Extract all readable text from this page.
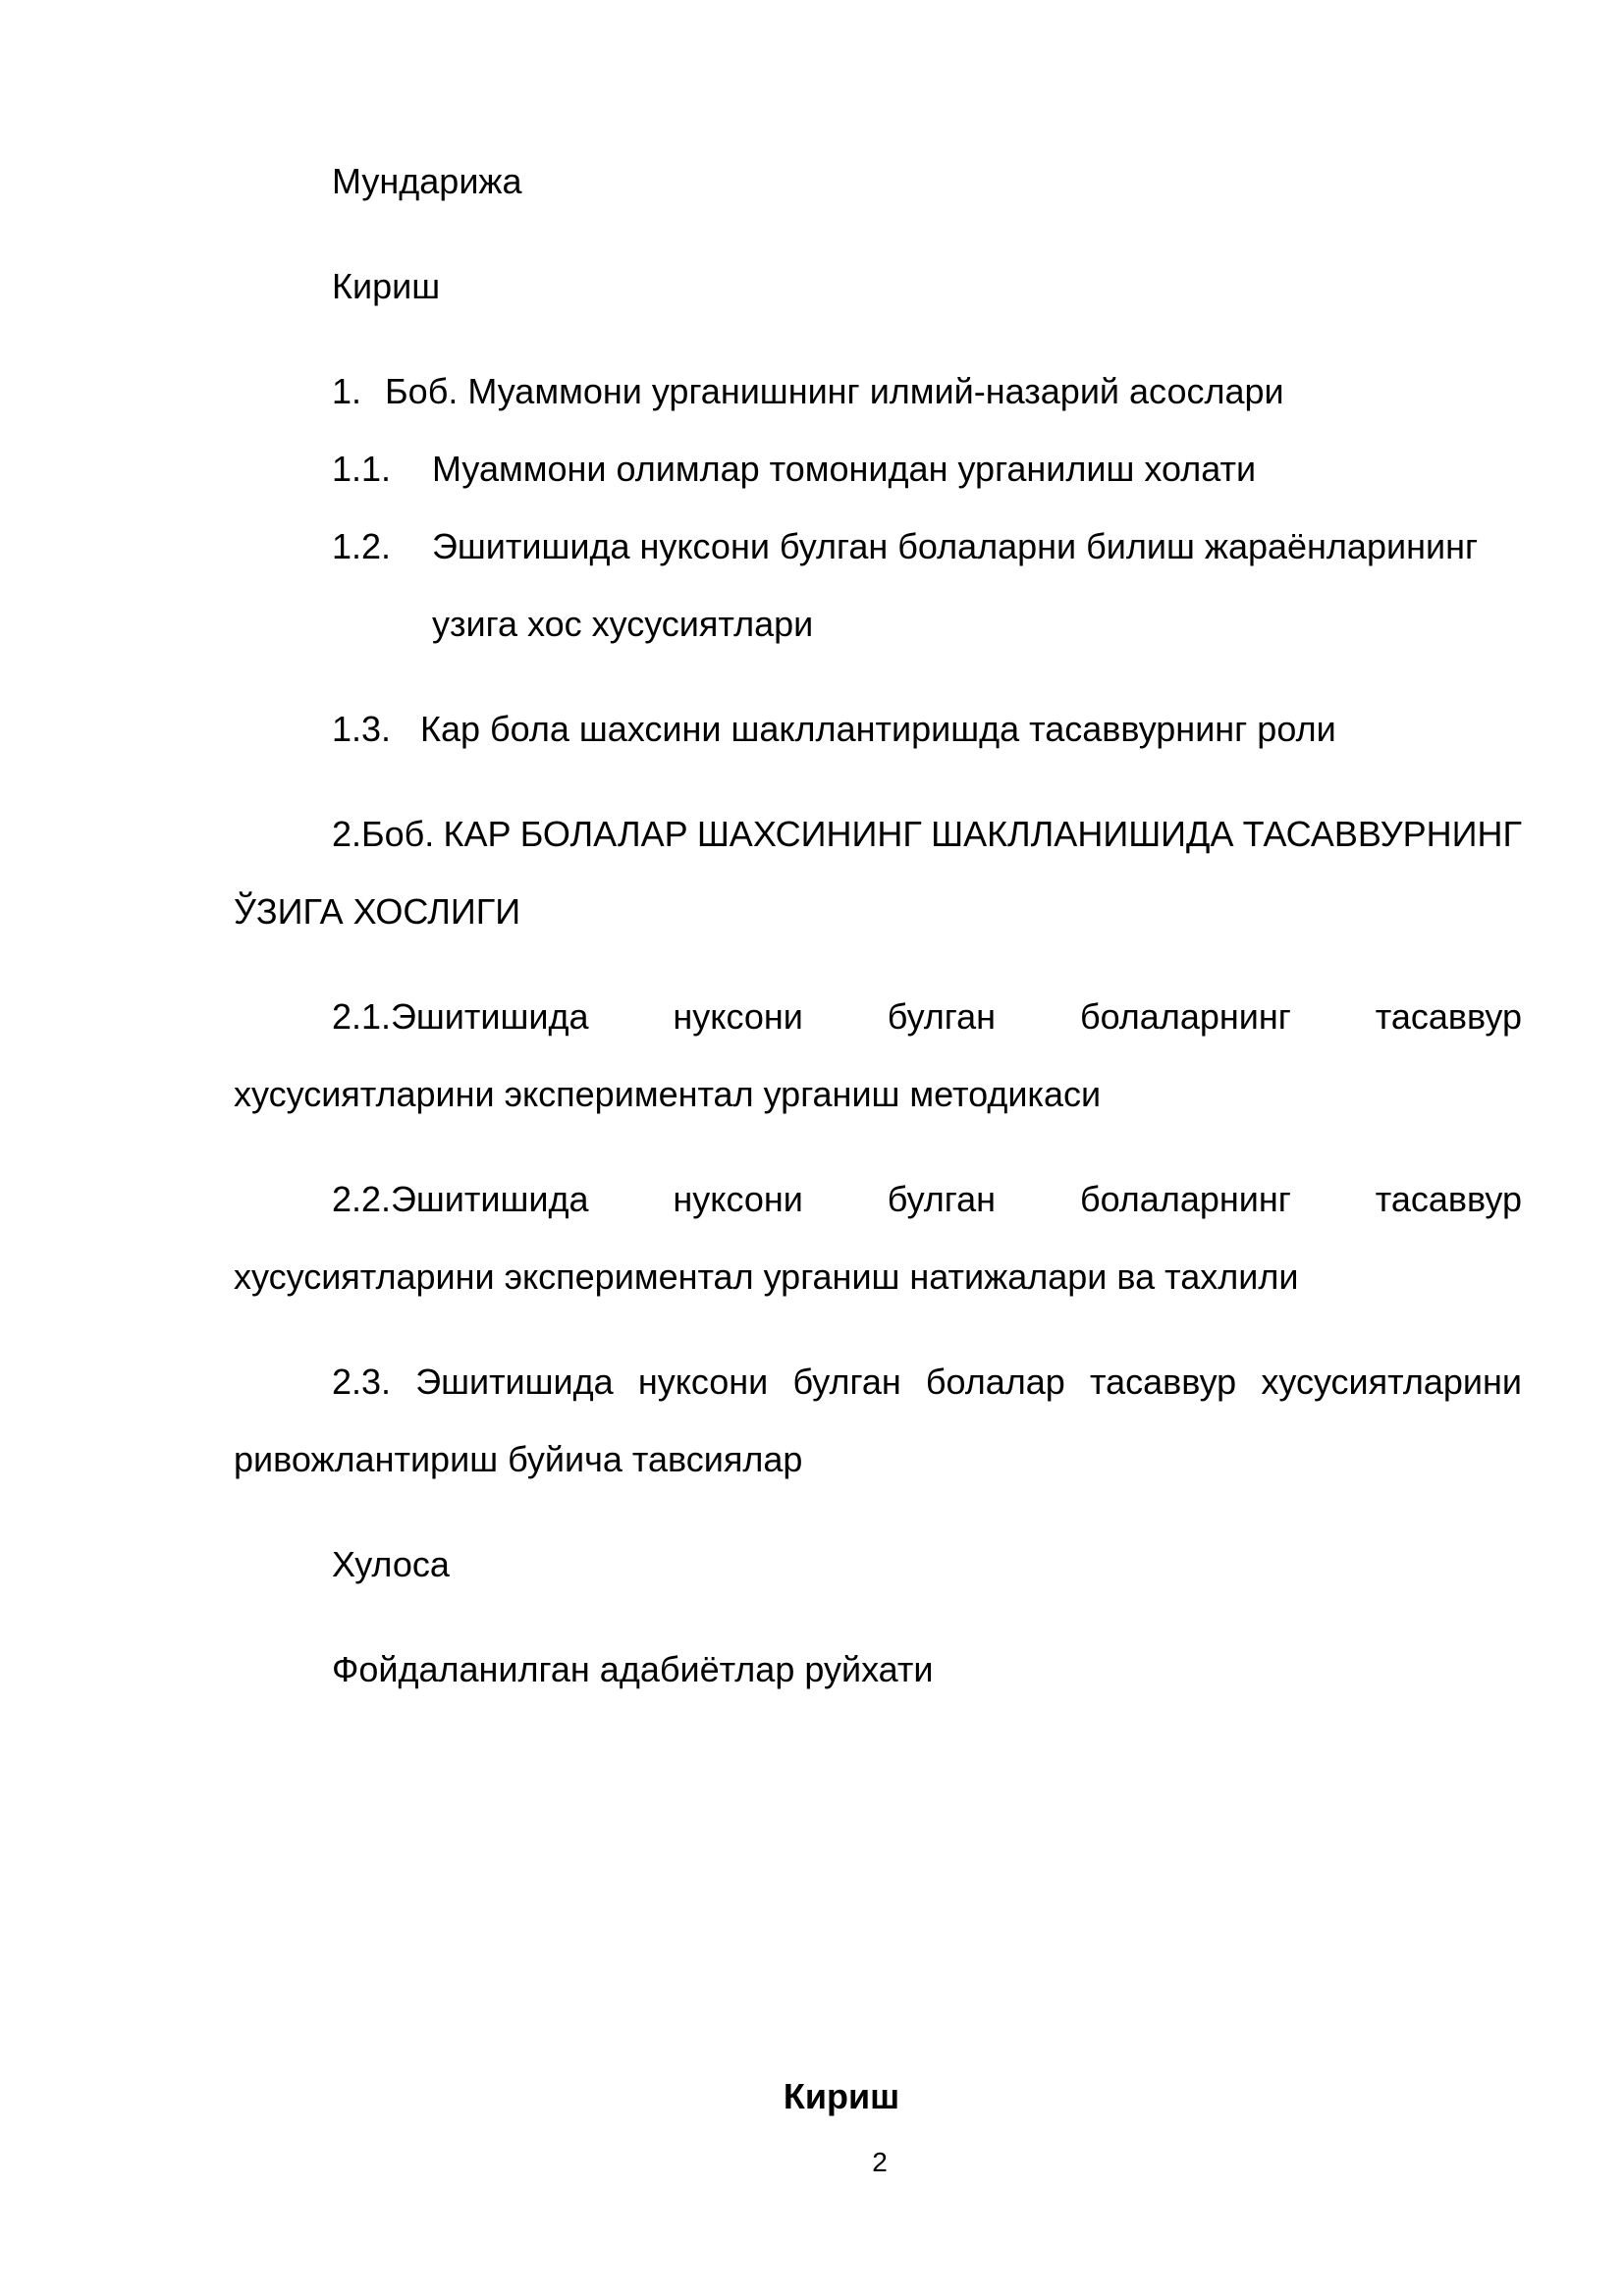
Мундарижа
Кириш
1. Боб. Муаммони урганишнинг илмий-назарий асослари
1.1. Муаммони олимлар томонидан урганилиш холати
1.2. Эшитишида нуксони булган болаларни билиш жараёнларининг
узига хос хусусиятлари
1.3. Кар бола шахсини шакллантиришда тасаввурнинг роли
2.Боб. КАР БОЛАЛАР ШАХСИНИНГ ШАКЛЛАНИШИДА ТАСАВВУРНИНГ
ЎЗИГА ХОСЛИГИ
2.1.Эшитишида нуксони булган болаларнинг тасаввур
хусусиятларини экспериментал урганиш методикаси
2.2.Эшитишида нуксони булган болаларнинг тасаввур
хусусиятларини экспериментал урганиш натижалари ва тахлили
2.3. Эшитишида нуксони булган болалар тасаввур хусусиятларини
ривожлантириш буйича тавсиялар
Хулоса
Фойдаланилган адабиётлар руйхати
Кириш
2
